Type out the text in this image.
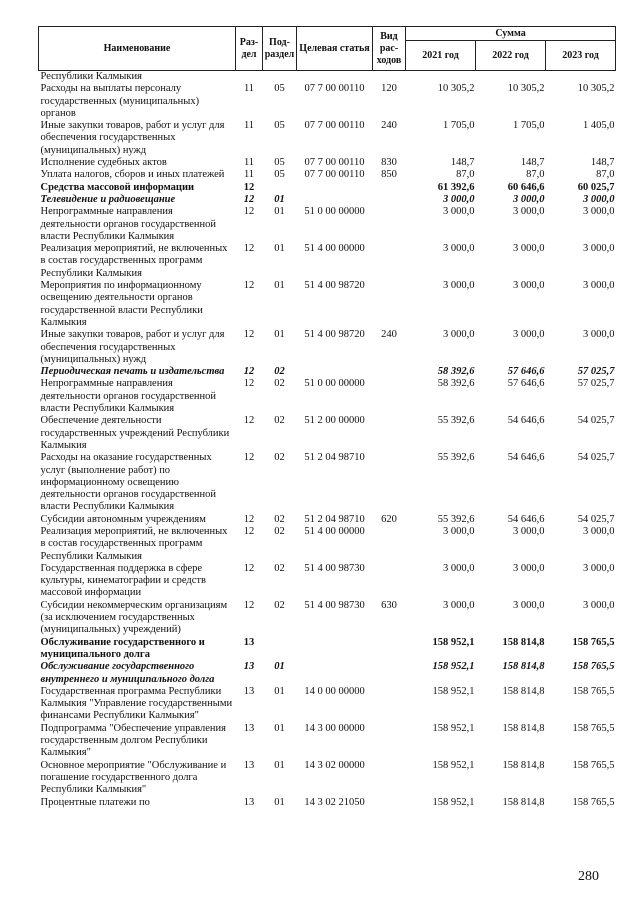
Наименование	Раз- дел	Под- раздел	Целевая статья	Вид рас- ходов	Сумма		
					2021 год	2022 год	2023 год
Республики Калмыкия							
Расходы на выплаты персоналу государственных (муниципальных) органов	11	05	07 7 00 00110	120	10 305,2	10 305,2	10 305,2
Иные закупки товаров, работ и услуг для обеспечения государственных (муниципальных) нужд	11	05	07 7 00 00110	240	1 705,0	1 705,0	1 405,0
Исполнение судебных актов	11	05	07 7 00 00110	830	148,7	148,7	148,7
Уплата налогов, сборов и иных платежей	11	05	07 7 00 00110	850	87,0	87,0	87,0
Средства массовой информации	12				61 392,6	60 646,6	60 025,7
Телевидение и радиовещание	12	01			3 000,0	3 000,0	3 000,0
Непрограммные направления деятельности органов государственной власти Республики Калмыкия	12	01	51 0 00 00000		3 000,0	3 000,0	3 000,0
Реализация мероприятий, не включенных в состав государственных программ Республики Калмыкия	12	01	51 4 00 00000		3 000,0	3 000,0	3 000,0
Мероприятия по информационному освещению деятельности органов государственной власти Республики Калмыкия	12	01	51 4 00 98720		3 000,0	3 000,0	3 000,0
Иные закупки товаров, работ и услуг для обеспечения государственных (муниципальных) нужд	12	01	51 4 00 98720	240	3 000,0	3 000,0	3 000,0
Периодическая печать и издательства	12	02			58 392,6	57 646,6	57 025,7
Непрограммные направления деятельности органов государственной власти Республики Калмыкия	12	02	51 0 00 00000		58 392,6	57 646,6	57 025,7
Обеспечение деятельности государственных учреждений Республики Калмыкия	12	02	51 2 00 00000		55 392,6	54 646,6	54 025,7
Расходы на оказание государственных услуг (выполнение работ) по информационному освещению деятельности органов государственной власти Республики Калмыкия	12	02	51 2 04 98710		55 392,6	54 646,6	54 025,7
Субсидии автономным учреждениям	12	02	51 2 04 98710	620	55 392,6	54 646,6	54 025,7
Реализация мероприятий, не включенных в состав государственных программ Республики Калмыкия	12	02	51 4 00 00000		3 000,0	3 000,0	3 000,0
Государственная поддержка в сфере культуры, кинематографии и средств массовой информации	12	02	51 4 00 98730		3 000,0	3 000,0	3 000,0
Субсидии некоммерческим организациям (за исключением государственных (муниципальных) учреждений)	12	02	51 4 00 98730	630	3 000,0	3 000,0	3 000,0
Обслуживание государственного и муниципального долга	13				158 952,1	158 814,8	158 765,5
Обслуживание государственного внутреннего и муниципального долга	13	01			158 952,1	158 814,8	158 765,5
Государственная программа Республики Калмыкия "Управление государственными финансами Республики Калмыкия"	13	01	14 0 00 00000		158 952,1	158 814,8	158 765,5
Подпрограмма "Обеспечение управления государственным долгом Республики Калмыкия"	13	01	14 3 00 00000		158 952,1	158 814,8	158 765,5
Основное мероприятие "Обслуживание и погашение государственного долга Республики Калмыкия"	13	01	14 3 02 00000		158 952,1	158 814,8	158 765,5
Процентные платежи по	13	01	14 3 02 21050		158 952,1	158 814,8	158 765,5
280
